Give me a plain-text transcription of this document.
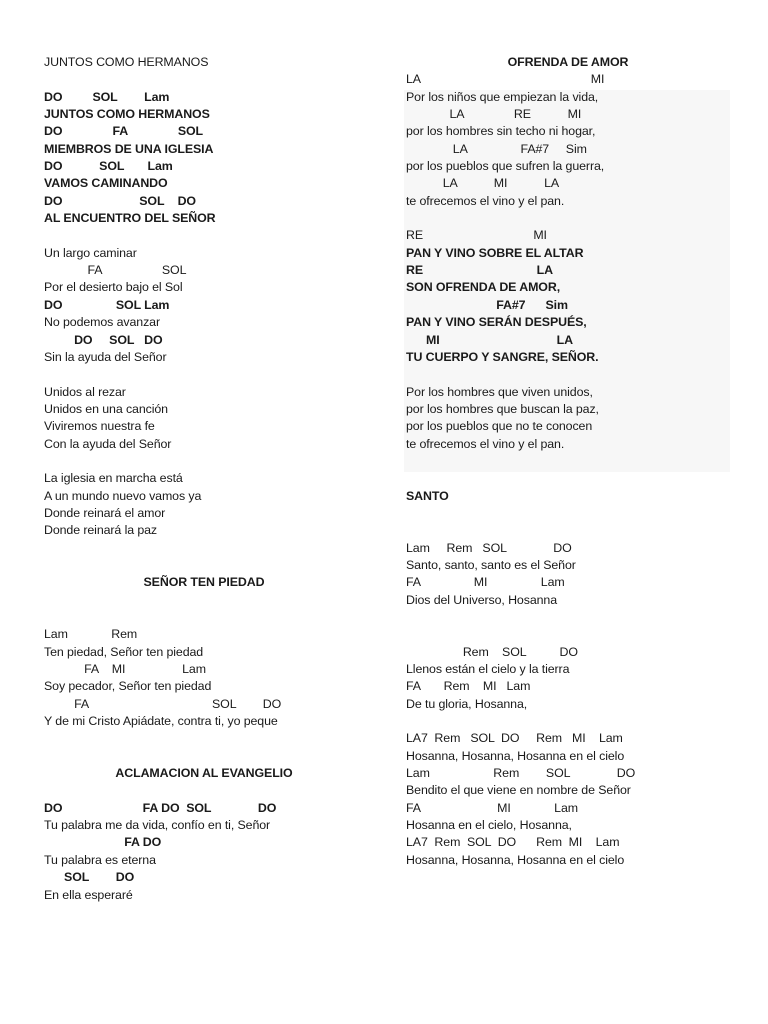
JUNTOS COMO HERMANOS
DO         SOL        Lam
JUNTOS COMO HERMANOS
DO               FA               SOL
MIEMBROS DE UNA IGLESIA
DO           SOL       Lam
VAMOS CAMINANDO
DO                       SOL    DO
AL ENCUENTRO DEL SEÑOR
Un largo caminar
FA                  SOL
Por el desierto bajo el Sol
DO                SOL Lam
No podemos avanzar
DO     SOL   DO
Sin la ayuda del Señor
Unidos al rezar
Unidos en una canción
Viviremos nuestra fe
Con la ayuda del Señor
La iglesia en marcha está
A un mundo nuevo vamos ya
Donde reinará el amor
Donde reinará la paz
SEÑOR TEN PIEDAD
Lam             Rem
Ten piedad, Señor ten piedad
FA    MI                 Lam
Soy pecador, Señor ten piedad
FA                                     SOL        DO
Y de mi Cristo Apiádate, contra ti, yo peque
ACLAMACION AL EVANGELIO
DO                        FA DO  SOL              DO
Tu palabra me da vida, confío en ti, Señor
FA DO
Tu palabra es eterna
SOL        DO
En ella esperaré
OFRENDA DE AMOR
LA                                                   MI
Por los niños que empiezan la vida,
LA               RE           MI
por los hombres sin techo ni hogar,
LA                FA#7     Sim
por los pueblos que sufren la guerra,
LA           MI           LA
te ofrecemos el vino y el pan.
RE                                 MI
PAN Y VINO SOBRE EL ALTAR
RE                                  LA
SON OFRENDA DE AMOR,
FA#7      Sim
PAN Y VINO SERÁN DESPUÉS,
MI                                   LA
TU CUERPO Y SANGRE, SEÑOR.
Por los hombres que viven unidos,
por los hombres que buscan la paz,
por los pueblos que no te conocen
te ofrecemos el vino y el pan.
SANTO
Lam     Rem   SOL              DO
Santo, santo, santo es el Señor
FA                MI                Lam
Dios del Universo, Hosanna
Rem    SOL          DO
Llenos están el cielo y la tierra
FA       Rem    MI   Lam
De tu gloria, Hosanna,
LA7  Rem   SOL  DO     Rem   MI    Lam
Hosanna, Hosanna, Hosanna en el cielo
Lam                   Rem        SOL              DO
Bendito el que viene en nombre de Señor
FA                       MI             Lam
Hosanna en el cielo, Hosanna,
LA7  Rem  SOL  DO      Rem  MI    Lam
Hosanna, Hosanna, Hosanna en el cielo
